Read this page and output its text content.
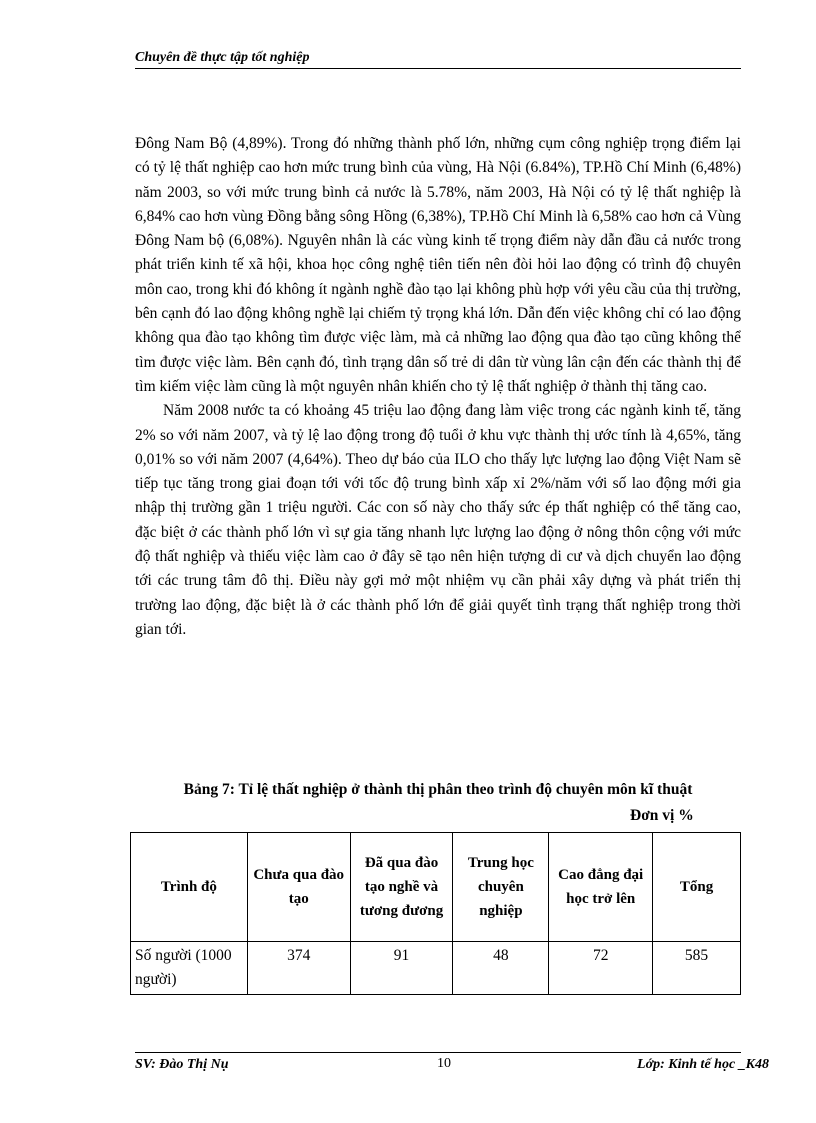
Chuyên đề thực tập tốt nghiệp

Đông Nam Bộ (4,89%). Trong đó những thành phố lớn, những cụm công nghiệp trọng điểm lại có tỷ lệ thất nghiệp cao hơn mức trung bình của vùng, Hà Nội (6.84%), TP.Hồ Chí Minh (6,48%) năm 2003, so với mức trung bình cả nước là 5.78%, năm 2003, Hà Nội có tỷ lệ thất nghiệp là 6,84% cao hơn vùng Đồng bằng sông Hồng (6,38%), TP.Hồ Chí Minh là 6,58% cao hơn cả Vùng Đông Nam bộ (6,08%). Nguyên nhân là các vùng kinh tế trọng điểm này dẫn đầu cả nước trong phát triển kinh tế xã hội, khoa học công nghệ tiên tiến nên đòi hỏi lao động có trình độ chuyên môn cao, trong khi đó không ít ngành nghề đào tạo lại không phù hợp với yêu cầu của thị trường, bên cạnh đó lao động không nghề lại chiếm tỷ trọng khá lớn. Dẫn đến việc không chỉ có lao động không qua đào tạo không tìm được việc làm, mà cả những lao động qua đào tạo cũng không thể tìm được việc làm. Bên cạnh đó, tình trạng dân số trẻ di dân từ vùng lân cận đến các thành thị để tìm kiếm việc làm cũng là một nguyên nhân khiến cho tỷ lệ thất nghiệp ở thành thị tăng cao.

Năm 2008 nước ta có khoảng 45 triệu lao động đang làm việc trong các ngành kinh tế, tăng 2% so với năm 2007, và tỷ lệ lao động trong độ tuổi ở khu vực thành thị ước tính là 4,65%, tăng 0,01% so với năm 2007 (4,64%). Theo dự báo của ILO cho thấy lực lượng lao động Việt Nam sẽ tiếp tục tăng trong giai đoạn tới với tốc độ trung bình xấp xỉ 2%/năm với số lao động mới gia nhập thị trường gần 1 triệu người. Các con số này cho thấy sức ép thất nghiệp có thể tăng cao, đặc biệt ở các thành phố lớn vì sự gia tăng nhanh lực lượng lao động ở nông thôn cộng với mức độ thất nghiệp và thiếu việc làm cao ở đây sẽ tạo nên hiện tượng di cư và dịch chuyển lao động tới các trung tâm đô thị. Điều này gợi mở một nhiệm vụ cần phải xây dựng và phát triển thị trường lao động, đặc biệt là ở các thành phố lớn để giải quyết tình trạng thất nghiệp trong thời gian tới.

Bảng 7: Tỉ lệ thất nghiệp ở thành thị phân theo trình độ chuyên môn kĩ thuật
Đơn vị %
Trình độ	Chưa qua đào tạo	Đã qua đào tạo nghề và tương đương	Trung học chuyên nghiệp	Cao đẳng đại học trở lên	Tổng
Số người (1000 người)	374	91	48	72	585
SV: Đào Thị Nụ	10	Lớp: Kinh tế học _K48
